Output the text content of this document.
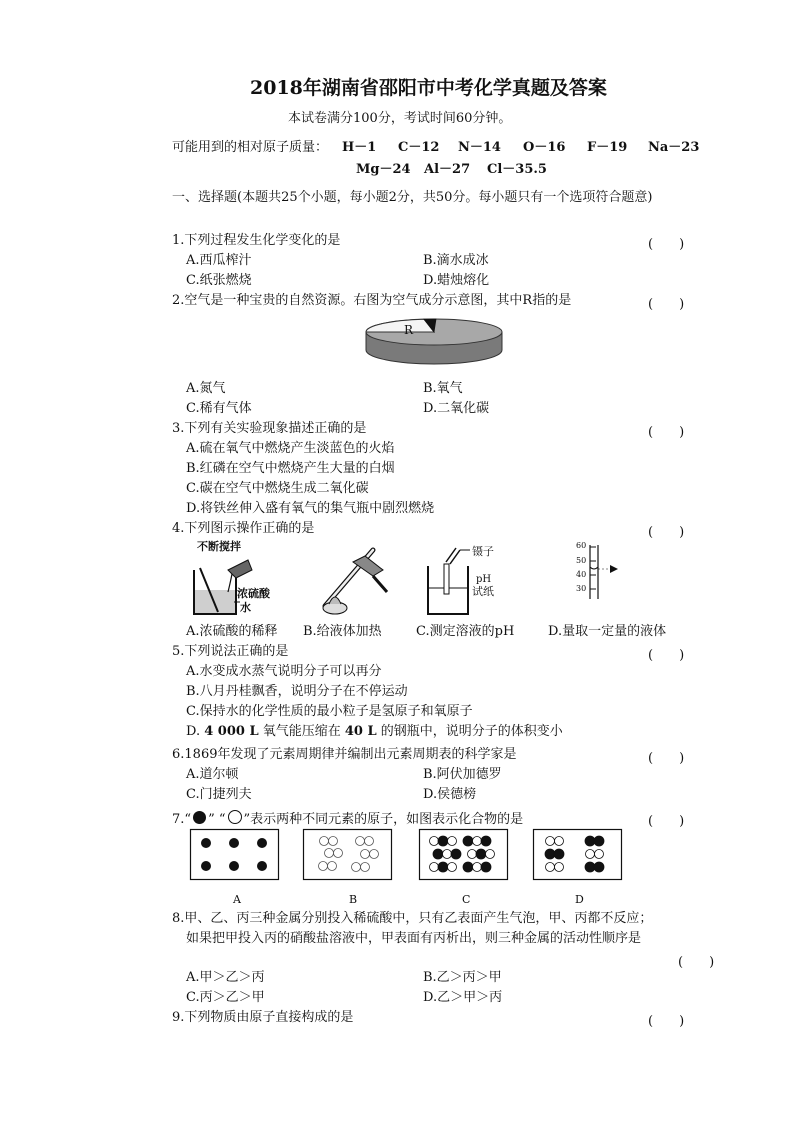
2018年湖南省邵阳市中考化学真题及答案
本试卷满分100分，考试时间60分钟。
可能用到的相对原子质量： H－1 C－12 N－14 O－16 F－19 Na－23
Mg－24 Al－27 Cl－35.5
一、选择题(本题共25个小题，每小题2分，共50分。每小题只有一个选项符合题意)
1.下列过程发生化学变化的是	(　　)
A.西瓜榨汁	B.滴水成冰
C.纸张燃烧	D.蜡烛熔化
2.空气是一种宝贵的自然资源。右图为空气成分示意图，其中R指的是	(　　)
R
A.氮气	B.氧气
C.稀有气体	D.二氧化碳
3.下列有关实验现象描述正确的是	(　　)
A.硫在氧气中燃烧产生淡蓝色的火焰
B.红磷在空气中燃烧产生大量的白烟
C.碳在空气中燃烧生成二氧化碳
D.将铁丝伸入盛有氧气的集气瓶中剧烈燃烧
4.下列图示操作正确的是	(　　)
不断搅拌
浓硫酸
水
镊子
pH
试纸
60
50
40
30
A.浓硫酸的稀释 B.给液体加热	C.测定溶液的pH	D.量取一定量的液体
5.下列说法正确的是	(　　)
A.水变成水蒸气说明分子可以再分
B.八月丹桂飘香，说明分子在不停运动
C.保持水的化学性质的最小粒子是氢原子和氧原子
D. 4 000 L 氧气能压缩在 40 L 的钢瓶中，说明分子的体积变小
6.1869年发现了元素周期律并编制出元素周期表的科学家是	(　　)
A.道尔顿	B.阿伏加德罗
C.门捷列夫	D.侯德榜
7.“ ” “ ”表示两种不同元素的原子，如图表示化合物的是	(　　)
A	B	C	D
8.甲、乙、丙三种金属分别投入稀硫酸中，只有乙表面产生气泡，甲、丙都不反应；
如果把甲投入丙的硝酸盐溶液中，甲表面有丙析出，则三种金属的活动性顺序是
(　　)
A.甲＞乙＞丙	B.乙＞丙＞甲
C.丙＞乙＞甲	D.乙＞甲＞丙
9.下列物质由原子直接构成的是	(　　)
